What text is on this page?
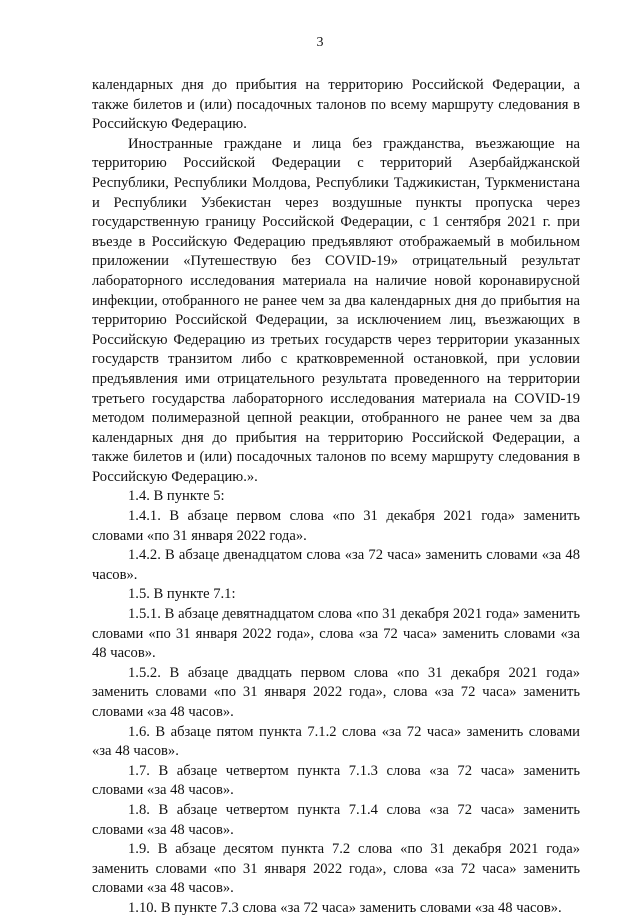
3

календарных дня до прибытия на территорию Российской Федерации, а также билетов и (или) посадочных талонов по всему маршруту следования в Российскую Федерацию.

Иностранные граждане и лица без гражданства, въезжающие на территорию Российской Федерации с территорий Азербайджанской Республики, Республики Молдова, Республики Таджикистан, Туркменистана и Республики Узбекистан через воздушные пункты пропуска через государственную границу Российской Федерации, с 1 сентября 2021 г. при въезде в Российскую Федерацию предъявляют отображаемый в мобильном приложении «Путешествую без COVID-19» отрицательный результат лабораторного исследования материала на наличие новой коронавирусной инфекции, отобранного не ранее чем за два календарных дня до прибытия на территорию Российской Федерации, за исключением лиц, въезжающих в Российскую Федерацию из третьих государств через территории указанных государств транзитом либо с кратковременной остановкой, при условии предъявления ими отрицательного результата проведенного на территории третьего государства лабораторного исследования материала на COVID-19 методом полимеразной цепной реакции, отобранного не ранее чем за два календарных дня до прибытия на территорию Российской Федерации, а также билетов и (или) посадочных талонов по всему маршруту следования в Российскую Федерацию.».

1.4. В пункте 5:

1.4.1. В абзаце первом слова «по 31 декабря 2021 года» заменить словами «по 31 января 2022 года».

1.4.2. В абзаце двенадцатом слова «за 72 часа» заменить словами «за 48 часов».

1.5. В пункте 7.1:

1.5.1. В абзаце девятнадцатом слова «по 31 декабря 2021 года» заменить словами «по 31 января 2022 года», слова «за 72 часа» заменить словами «за 48 часов».

1.5.2. В абзаце двадцать первом слова «по 31 декабря 2021 года» заменить словами «по 31 января 2022 года», слова «за 72 часа» заменить словами «за 48 часов».

1.6. В абзаце пятом пункта 7.1.2 слова «за 72 часа» заменить словами «за 48 часов».

1.7. В абзаце четвертом пункта 7.1.3 слова «за 72 часа» заменить словами «за 48 часов».

1.8. В абзаце четвертом пункта 7.1.4 слова «за 72 часа» заменить словами «за 48 часов».

1.9. В абзаце десятом пункта 7.2 слова «по 31 декабря 2021 года» заменить словами «по 31 января 2022 года», слова «за 72 часа» заменить словами «за 48 часов».

1.10. В пункте 7.3 слова «за 72 часа» заменить словами «за 48 часов».
